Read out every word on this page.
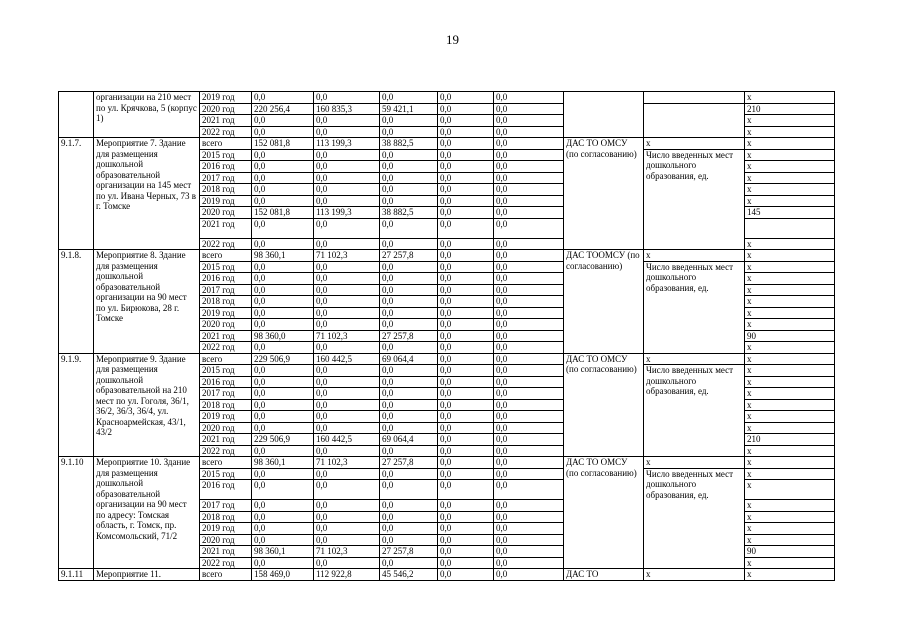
19
	организации на 210 мест по ул. Крячкова, 5 (корпус 1)	2019 год	0,0	0,0	0,0	0,0	0,0			x
		2020 год	220 256,4	160 835,3	59 421,1	0,0	0,0			210
		2021 год	0,0	0,0	0,0	0,0	0,0			x
		2022 год	0,0	0,0	0,0	0,0	0,0			x
9.1.7.	Мероприятие 7. Здание для размещения дошкольной образовательной организации на 145 мест по ул. Ивана Черных, 73 в г. Томске	всего	152 081,8	113 199,3	38 882,5	0,0	0,0	ДАС ТО ОМСУ (по согласованию)	x	x
		2015 год	0,0	0,0	0,0	0,0	0,0		Число введенных мест дошкольного образования, ед.	x
		2016 год	0,0	0,0	0,0	0,0	0,0			x
		2017 год	0,0	0,0	0,0	0,0	0,0			x
		2018 год	0,0	0,0	0,0	0,0	0,0			x
		2019 год	0,0	0,0	0,0	0,0	0,0			x
		2020 год	152 081,8	113 199,3	38 882,5	0,0	0,0			145
		2021 год	0,0	0,0	0,0	0,0	0,0			
		2022 год	0,0	0,0	0,0	0,0	0,0			x
9.1.8.	Мероприятие 8. Здание для размещения дошкольной образовательной организации на 90 мест по ул. Бирюкова, 28 г. Томске	всего	98 360,1	71 102,3	27 257,8	0,0	0,0	ДАС ТООМСУ (по согласованию)	x	x
		2015 год	0,0	0,0	0,0	0,0	0,0		Число введенных мест дошкольного образования, ед.	x
		2016 год	0,0	0,0	0,0	0,0	0,0			x
		2017 год	0,0	0,0	0,0	0,0	0,0			x
		2018 год	0,0	0,0	0,0	0,0	0,0			x
		2019 год	0,0	0,0	0,0	0,0	0,0			x
		2020 год	0,0	0,0	0,0	0,0	0,0			x
		2021 год	98 360,0	71 102,3	27 257,8	0,0	0,0			90
		2022 год	0,0	0,0	0,0	0,0	0,0			x
9.1.9.	Мероприятие 9. Здание для размещения дошкольной образовательной на 210 мест по ул. Гоголя, 36/1, 36/2, 36/3, 36/4, ул. Красноармейская, 43/1, 43/2	всего	229 506,9	160 442,5	69 064,4	0,0	0,0	ДАС ТО ОМСУ (по согласованию)	x	x
		2015 год	0,0	0,0	0,0	0,0	0,0		Число введенных мест дошкольного образования, ед.	x
		2016 год	0,0	0,0	0,0	0,0	0,0			x
		2017 год	0,0	0,0	0,0	0,0	0,0			x
		2018 год	0,0	0,0	0,0	0,0	0,0			x
		2019 год	0,0	0,0	0,0	0,0	0,0			x
		2020 год	0,0	0,0	0,0	0,0	0,0			x
		2021 год	229 506,9	160 442,5	69 064,4	0,0	0,0			210
		2022 год	0,0	0,0	0,0	0,0	0,0			x
9.1.10	Мероприятие 10. Здание для размещения дошкольной образовательной организации на 90 мест по адресу: Томская область, г. Томск, пр. Комсомольский, 71/2	всего	98 360,1	71 102,3	27 257,8	0,0	0,0	ДАС ТО ОМСУ (по согласованию)	x	x
		2015 год	0,0	0,0	0,0	0,0	0,0		Число введенных мест дошкольного образования, ед.	x
		2016 год	0,0	0,0	0,0	0,0	0,0			x
		2017 год	0,0	0,0	0,0	0,0	0,0			x
		2018 год	0,0	0,0	0,0	0,0	0,0			x
		2019 год	0,0	0,0	0,0	0,0	0,0			x
		2020 год	0,0	0,0	0,0	0,0	0,0			x
		2021 год	98 360,1	71 102,3	27 257,8	0,0	0,0			90
		2022 год	0,0	0,0	0,0	0,0	0,0			x
9.1.11	Мероприятие 11.	всего	158 469,0	112 922,8	45 546,2	0,0	0,0	ДАС ТО	x	x
